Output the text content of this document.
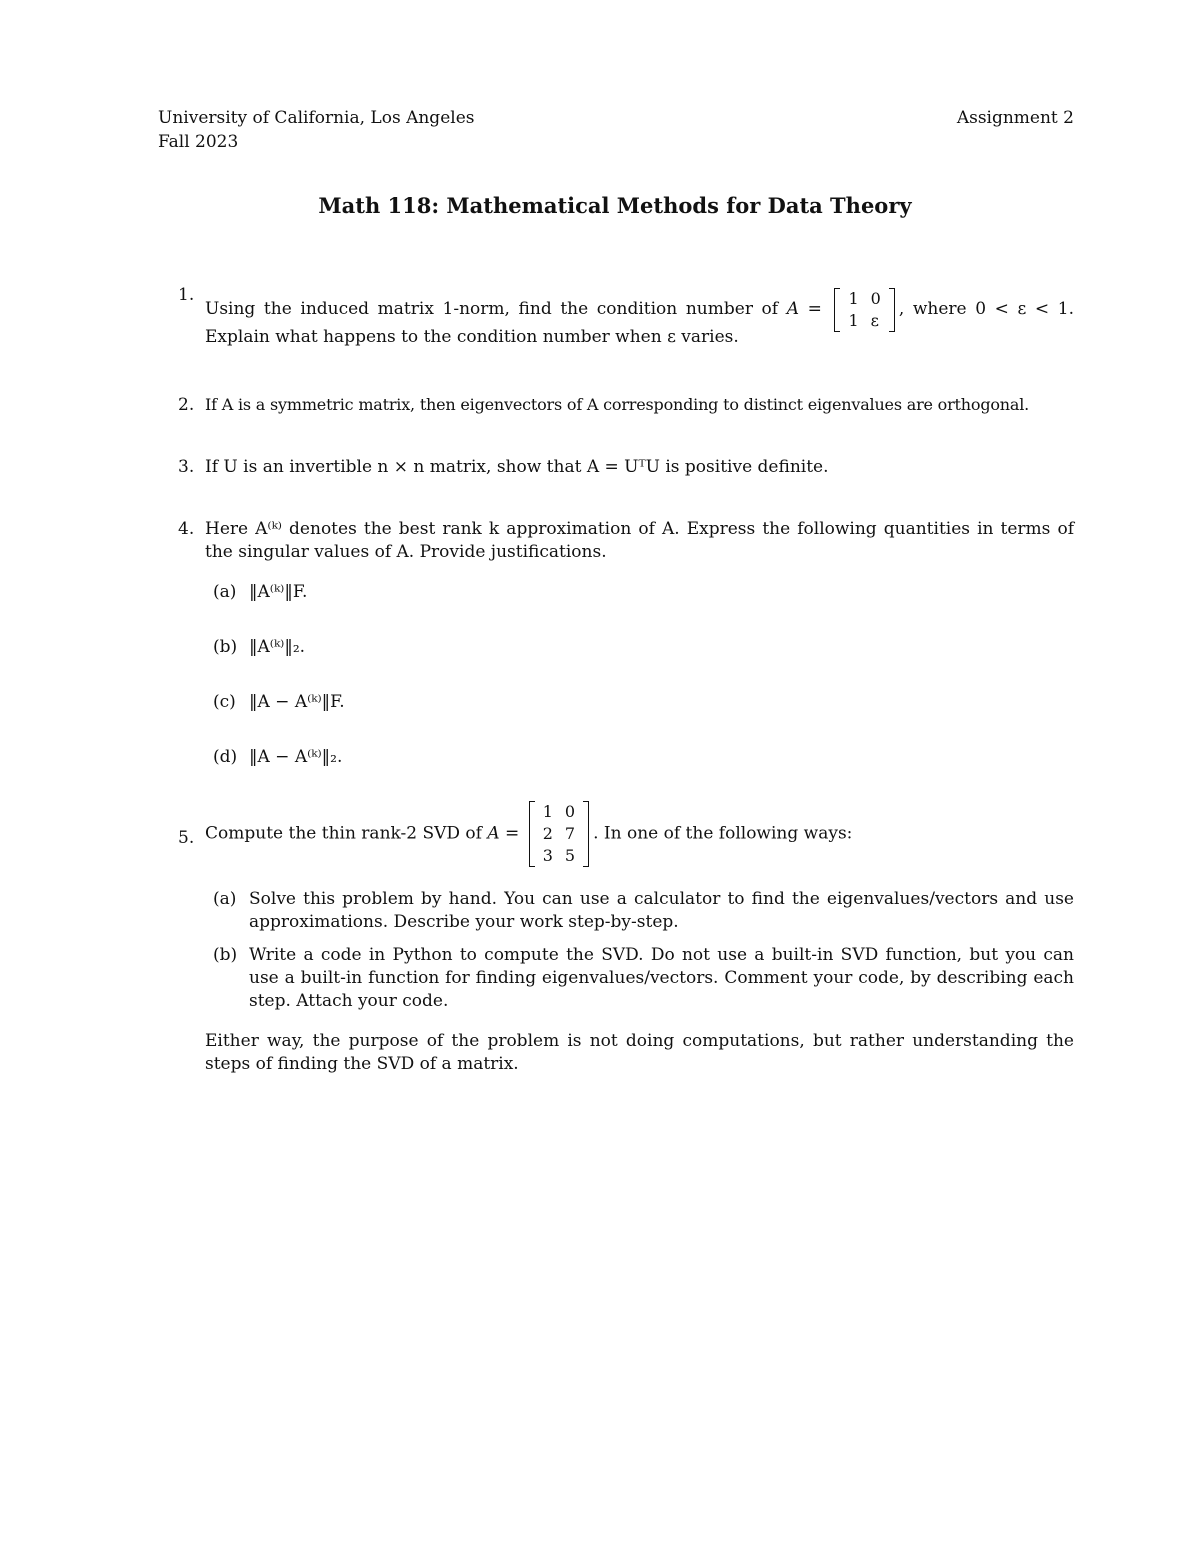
University of California, Los Angeles
Fall 2023
Assignment 2
Math 118: Mathematical Methods for Data Theory
1.
Using the induced matrix 1-norm, find the condition number of A =
1	0
1	ε
, where 0 < ε < 1.
Explain what happens to the condition number when ε varies.
2. If A is a symmetric matrix, then eigenvectors of A corresponding to distinct eigenvalues are orthogonal.
3. If U is an invertible n × n matrix, show that A = UᵀU is positive definite.
4. Here A⁽ᵏ⁾ denotes the best rank k approximation of A. Express the following quantities in terms of the singular values of A. Provide justifications.
(a) ‖A⁽ᵏ⁾‖F.
(b) ‖A⁽ᵏ⁾‖₂.
(c) ‖A − A⁽ᵏ⁾‖F.
(d) ‖A − A⁽ᵏ⁾‖₂.
5. Compute the thin rank-2 SVD of A =
1	0
2	7
3	5
. In one of the following ways:
(a) Solve this problem by hand. You can use a calculator to find the eigenvalues/vectors and use approximations. Describe your work step-by-step.
(b) Write a code in Python to compute the SVD. Do not use a built-in SVD function, but you can use a built-in function for finding eigenvalues/vectors. Comment your code, by describing each step. Attach your code.
Either way, the purpose of the problem is not doing computations, but rather understanding the steps of finding the SVD of a matrix.
